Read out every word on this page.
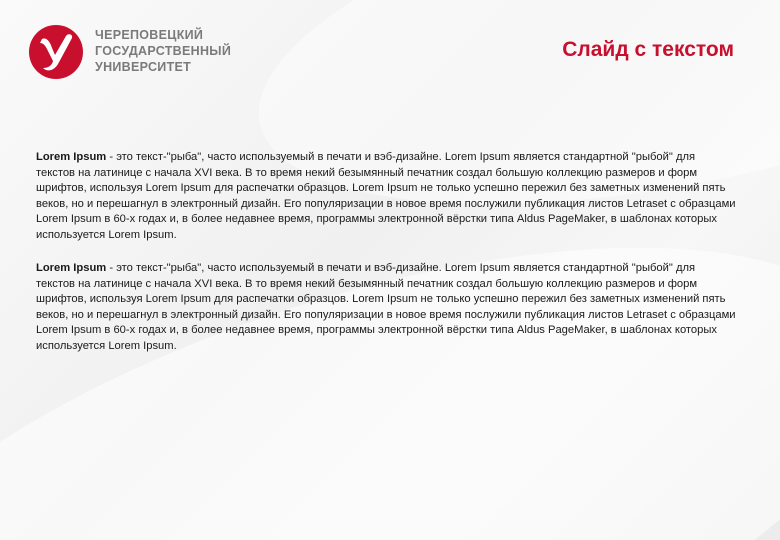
ЧЕРЕПОВЕЦКИЙ
ГОСУДАРСТВЕННЫЙ
УНИВЕРСИТЕТ
Слайд с текстом

Lorem Ipsum - это текст-"рыба", часто используемый в печати и вэб-дизайне. Lorem Ipsum является стандартной "рыбой" для текстов на латинице с начала XVI века. В то время некий безымянный печатник создал большую коллекцию размеров и форм шрифтов, используя Lorem Ipsum для распечатки образцов. Lorem Ipsum не только успешно пережил без заметных изменений пять веков, но и перешагнул в электронный дизайн. Его популяризации в новое время послужили публикация листов Letraset с образцами Lorem Ipsum в 60-х годах и, в более недавнее время, программы электронной вёрстки типа Aldus PageMaker, в шаблонах которых используется Lorem Ipsum.

Lorem Ipsum - это текст-"рыба", часто используемый в печати и вэб-дизайне. Lorem Ipsum является стандартной "рыбой" для текстов на латинице с начала XVI века. В то время некий безымянный печатник создал большую коллекцию размеров и форм шрифтов, используя Lorem Ipsum для распечатки образцов. Lorem Ipsum не только успешно пережил без заметных изменений пять веков, но и перешагнул в электронный дизайн. Его популяризации в новое время послужили публикация листов Letraset с образцами Lorem Ipsum в 60-х годах и, в более недавнее время, программы электронной вёрстки типа Aldus PageMaker, в шаблонах которых используется Lorem Ipsum.
